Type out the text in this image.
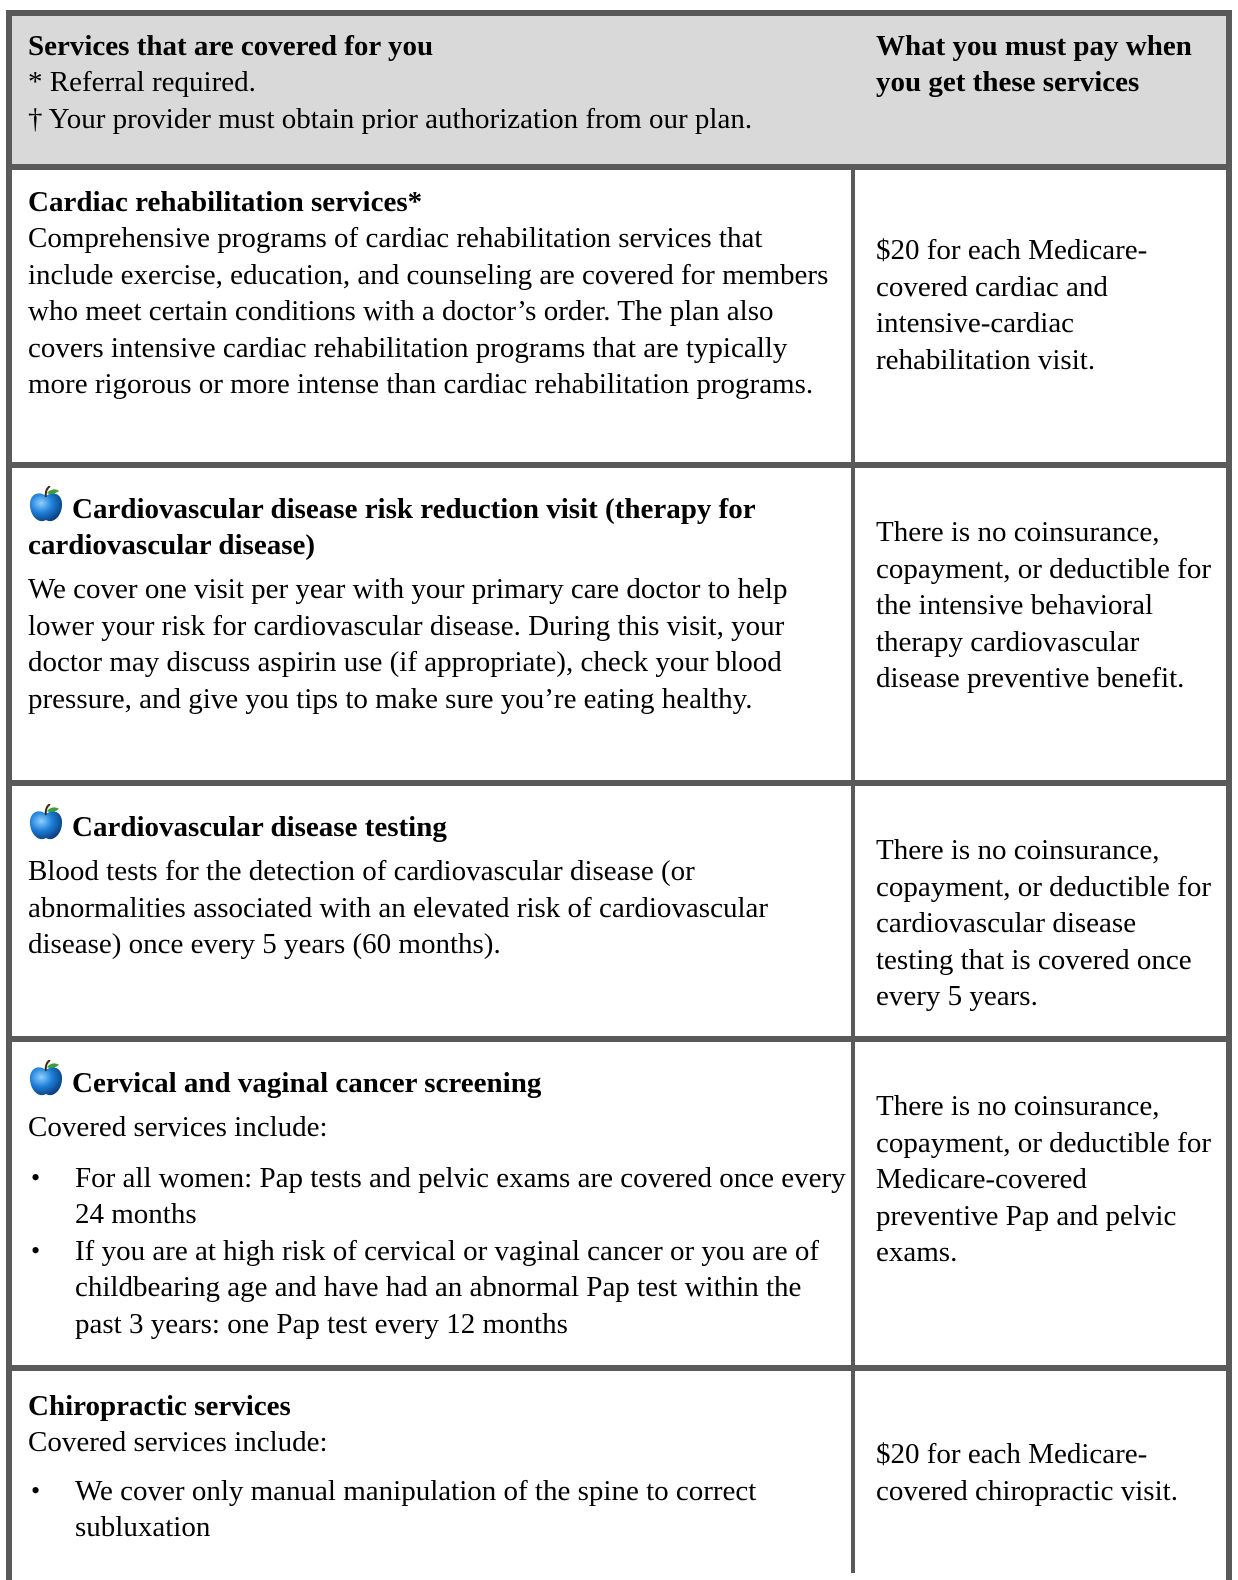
Services that are covered for you
* Referral required.
† Your provider must obtain prior authorization from our plan.
What you must pay when you get these services
Cardiac rehabilitation services*
Comprehensive programs of cardiac rehabilitation services that include exercise, education, and counseling are covered for members who meet certain conditions with a doctor’s order. The plan also covers intensive cardiac rehabilitation programs that are typically more rigorous or more intense than cardiac rehabilitation programs.
$20 for each Medicare-covered cardiac and intensive-cardiac rehabilitation visit.
Cardiovascular disease risk reduction visit (therapy for cardiovascular disease)
We cover one visit per year with your primary care doctor to help lower your risk for cardiovascular disease. During this visit, your doctor may discuss aspirin use (if appropriate), check your blood pressure, and give you tips to make sure you’re eating healthy.
There is no coinsurance, copayment, or deductible for the intensive behavioral therapy cardiovascular disease preventive benefit.
Cardiovascular disease testing
Blood tests for the detection of cardiovascular disease (or abnormalities associated with an elevated risk of cardiovascular disease) once every 5 years (60 months).
There is no coinsurance, copayment, or deductible for cardiovascular disease testing that is covered once every 5 years.
Cervical and vaginal cancer screening
Covered services include:
• For all women: Pap tests and pelvic exams are covered once every 24 months
• If you are at high risk of cervical or vaginal cancer or you are of childbearing age and have had an abnormal Pap test within the past 3 years: one Pap test every 12 months
There is no coinsurance, copayment, or deductible for Medicare-covered preventive Pap and pelvic exams.
Chiropractic services
Covered services include:
• We cover only manual manipulation of the spine to correct subluxation
$20 for each Medicare-covered chiropractic visit.
